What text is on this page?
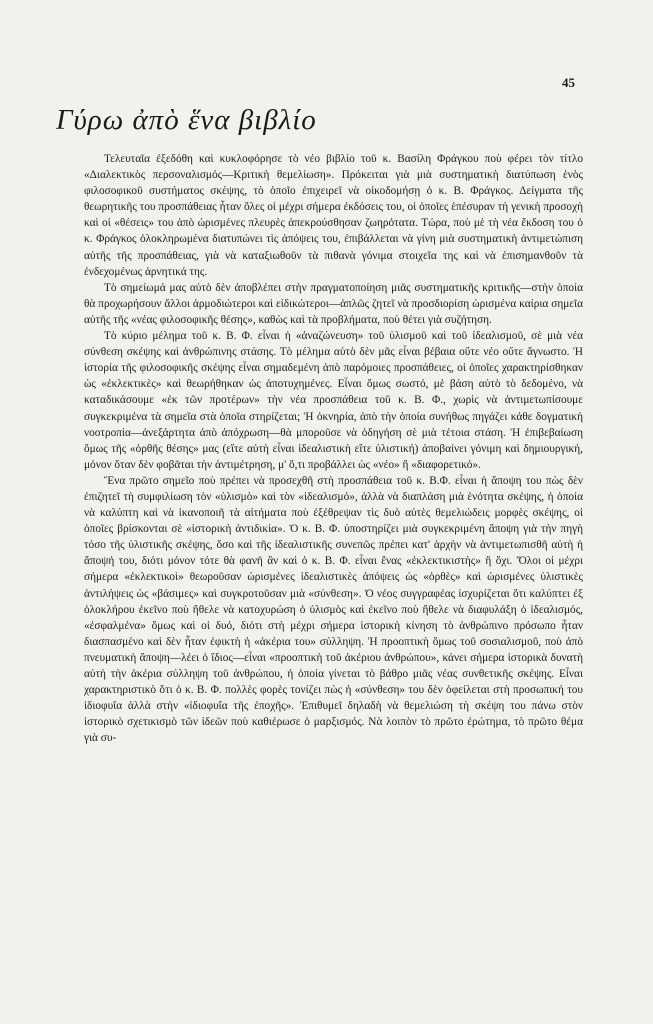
45
Γύρω ἀπὸ ἕνα βιβλίο

Τελευταῖα ἐξεδόθη καὶ κυκλοφόρησε τὸ νέο βιβλίο τοῦ κ. Βασίλη Φράγκου ποὺ φέρει τὸν τίτλο «Διαλεκτικὸς περσοναλισμός—Κριτικὴ θεμελίωση». Πρόκειται γιὰ μιὰ συστηματικὴ διατύπωση ἑνὸς φιλοσοφικοῦ συστήματος σκέψης, τὸ ὁποῖο ἐπιχειρεῖ νὰ οἰκοδομήσῃ ὁ κ. Β. Φράγκος. Δείγματα τῆς θεωρητικῆς του προσπάθειας ἦταν ὅλες οἱ μέχρι σήμερα ἐκδόσεις του, οἱ ὁποῖες ἑπέσυραν τὴ γενικὴ προσοχὴ καὶ οἱ «θέσεις» του ἀπὸ ὡρισμένες πλευρὲς ἀπεκρούσθησαν ζωηρότατα. Τώρα, ποὺ μὲ τὴ νέα ἔκδοση του ὁ κ. Φράγκος ὁλοκληρωμένα διατυπώνει τὶς ἀπόψεις του, ἐπιβάλλεται νὰ γίνη μιὰ συστηματικὴ ἀντιμετώπιση αὐτῆς τῆς προσπάθειας, γιὰ νὰ καταξιωθοῦν τὰ πιθανὰ γόνιμα στοιχεῖα της καὶ νὰ ἐπισημανθοῦν τὰ ἐνδεχομένως ἀρνητικά της.

Τὸ σημείωμά μας αὐτὸ δὲν ἀποβλέπει στὴν πραγματοποίηση μιᾶς συστηματικῆς κριτικῆς—στὴν ὁποία θὰ προχωρήσουν ἄλλοι ἁρμοδιώτεροι καὶ εἰδικώτεροι—ἁπλῶς ζητεῖ νὰ προσδιορίση ὡρισμένα καίρια σημεῖα αὐτῆς τῆς «νέας φιλοσοφικῆς θέσης», καθὼς καὶ τὰ προβλήματα, ποὺ θέτει γιὰ συζήτηση.

Τὸ κύριο μέλημα τοῦ κ. Β. Φ. εἶναι ἡ «ἀναζώνευση» τοῦ ὑλισμοῦ καὶ τοῦ ἰδεαλισμοῦ, σὲ μιὰ νέα σύνθεση σκέψης καὶ ἀνθρώπινης στάσης. Τὸ μέλημα αὐτὸ δὲν μᾶς εἶναι βέβαια οὔτε νέο οὔτε ἄγνωστο. Ἡ ἱστορία τῆς φιλοσοφικῆς σκέψης εἶναι σημαδεμένη ἀπὸ παρόμοιες προσπάθειες, οἱ ὁποῖες χαρακτηρίσθηκαν ὡς «ἐκλεκτικὲς» καὶ θεωρήθηκαν ὡς ἀποτυχημένες. Εἶναι ὅμως σωστό, μὲ βάση αὐτὸ τὸ δεδομένο, νὰ καταδικάσουμε «ἐκ τῶν προτέρων» τὴν νέα προσπάθεια τοῦ κ. Β. Φ., χωρὶς νὰ ἀντιμετωπίσουμε συγκεκριμένα τὰ σημεῖα στὰ ὁποῖα στηρίζεται; Ἡ ὀκνηρία, ἀπὸ τὴν ὁποία συνήθως πηγάζει κάθε δογματικὴ νοοτροπία—ἀνεξάρτητα ἀπὸ ἀπόχρωση—θὰ μποροῦσε νὰ ὁδηγήση σὲ μιὰ τέτοια στάση. Ἡ ἐπιβεβαίωση ὅμως τῆς «ὀρθῆς θέσης» μας (εἴτε αὐτὴ εἶναι ἰδεαλιστικὴ εἴτε ὑλιστική) ἀποβαίνει γόνιμη καὶ δημιουργική, μόνον ὅταν δὲν φοβᾶται τὴν ἀντιμέτρηση, μ' ὅ,τι προβάλλει ὡς «νέο» ἢ «διαφορετικό».

Ἕνα πρῶτο σημεῖο ποὺ πρέπει νὰ προσεχθῆ στὴ προσπάθεια τοῦ κ. Β.Φ. εἶναι ἡ ἄποψη του πὼς δὲν ἐπιζητεῖ τὴ συμφιλίωση τὸν «ὑλισμὸ» καὶ τὸν «ἰδεαλισμό», ἀλλὰ νὰ διαπλάση μιὰ ἑνότητα σκέψης, ἡ ὁποία νὰ καλύπτη καὶ νὰ ἱκανοποιῆ τὰ αἰτήματα ποὺ ἐξέθρεψαν τὶς δυὸ αὐτὲς θεμελιώδεις μορφὲς σκέψης, οἱ ὁποῖες βρίσκονται σὲ «ἱστορικὴ ἀντιδικία». Ὁ κ. Β. Φ. ὑποστηρίζει μιὰ συγκεκριμένη ἄποψη γιὰ τὴν πηγὴ τόσο τῆς ὑλιστικῆς σκέψης, ὅσο καὶ τῆς ἰδεαλιστικῆς συνεπῶς πρέπει κατ' ἀρχὴν νὰ ἀντιμετωπισθῆ αὐτὴ ἡ ἄποψή του, διότι μόνον τότε θὰ φανῆ ἂν καὶ ὁ κ. Β. Φ. εἶναι ἕνας «ἐκλεκτικιστὴς» ἢ ὄχι. Ὅλοι οἱ μέχρι σήμερα «ἐκλεκτικοὶ» θεωροῦσαν ὡρισμένες ἰδεαλιστικὲς ἀπόψεις ὡς «ὀρθὲς» καὶ ὡρισμένες ὑλιστικὲς ἀντιλήψεις ὡς «βάσιμες» καὶ συγκροτοῦσαν μιὰ «σύνθεση». Ὁ νέος συγγραφέας ἰσχυρίζεται ὅτι καλύπτει ἐξ ὁλοκλήρου ἐκεῖνο ποὺ ἤθελε νὰ κατοχυρώση ὁ ὑλισμὸς καὶ ἐκεῖνο ποὺ ἤθελε νὰ διαφυλάξη ὁ ἰδεαλισμός, «ἐσφαλμένα» ὅμως καὶ οἱ δυό, διότι στὴ μέχρι σήμερα ἱστορικὴ κίνηση τὸ ἀνθρώπινο πρόσωπο ἦταν διασπασμένο καὶ δὲν ἦταν ἐφικτὴ ἡ «ἀκέρια του» σύλληψη. Ἡ προοπτικὴ ὅμως τοῦ σοσιαλισμοῦ, ποὺ ἀπὸ πνευματικὴ ἄποψη—λέει ὁ ἴδιος—εἶναι «προοπτικὴ τοῦ ἀκέριου ἀνθρώπου», κάνει σήμερα ἱστορικὰ δυνατὴ αὐτὴ τὴν ἀκέρια σύλληψη τοῦ ἀνθρώπου, ἡ ὁποία γίνεται τὸ βάθρο μιᾶς νέας συνθετικῆς σκέψης. Εἶναι χαρακτηριστικὸ ὅτι ὁ κ. Β. Φ. πολλὲς φορὲς τονίζει πὼς ἡ «σύνθεση» του δὲν ὀφείλεται στὴ προσωπική του ἰδιοφυΐα ἀλλὰ στὴν «ἰδιοφυΐα τῆς ἐποχῆς». Ἐπιθυμεῖ δηλαδὴ νὰ θεμελιώση τὴ σκέψη του πάνω στὸν ἱστορικὸ σχετικισμὸ τῶν ἰδεῶν ποὺ καθιέρωσε ὁ μαρξισμός. Νὰ λοιπὸν τὸ πρῶτο ἐρώτημα, τὸ πρῶτο θέμα γιὰ συ-
